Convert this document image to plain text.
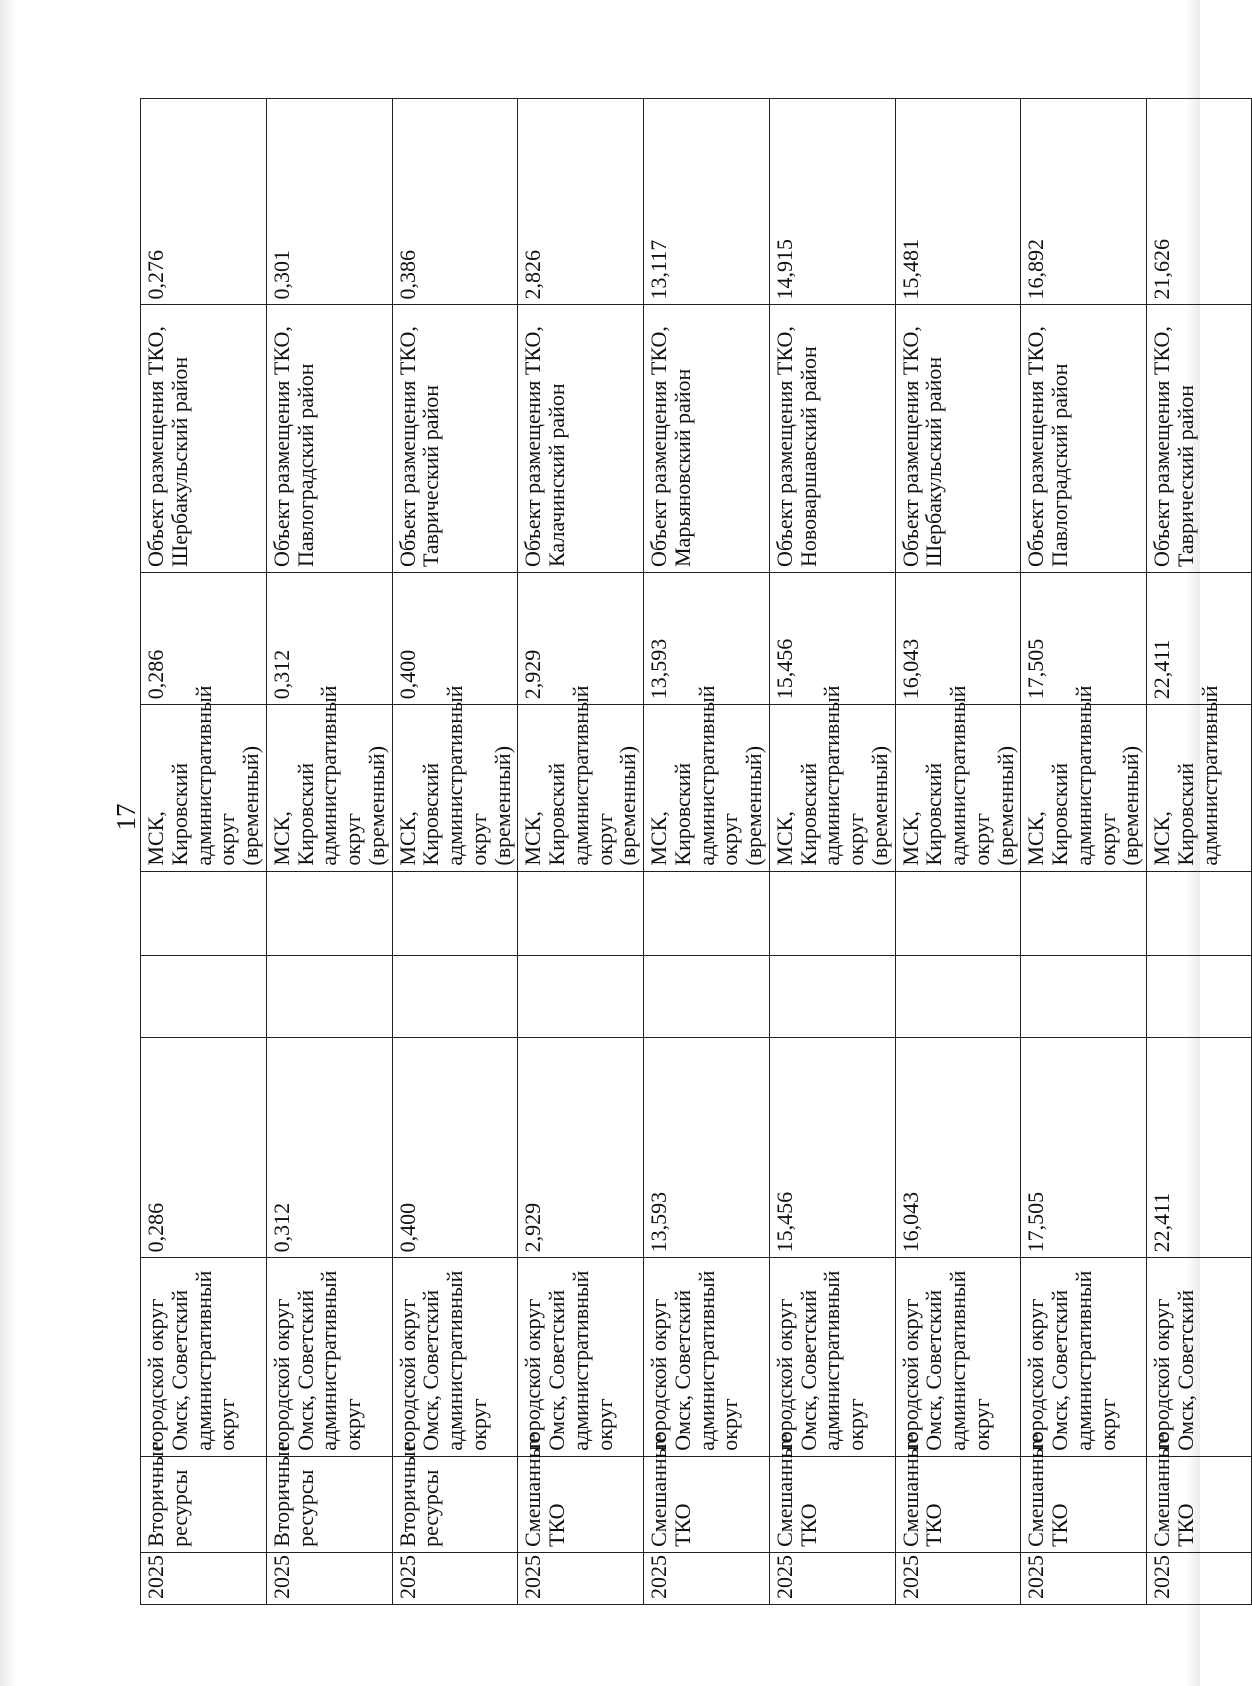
17
2025	Вторичные ресурсы	городской округ Омск, Советский административный округ	0,286			МСК, Кировский административный округ (временный)	0,286	Объект размещения ТКО, Шербакульский район	0,276
2025	Вторичные ресурсы	городской округ Омск, Советский административный округ	0,312			МСК, Кировский административный округ (временный)	0,312	Объект размещения ТКО, Павлоградский район	0,301
2025	Вторичные ресурсы	городской округ Омск, Советский административный округ	0,400			МСК, Кировский административный округ (временный)	0,400	Объект размещения ТКО, Таврический район	0,386
2025	Смешанные ТКО	городской округ Омск, Советский административный округ	2,929			МСК, Кировский административный округ (временный)	2,929	Объект размещения ТКО, Калачинский район	2,826
2025	Смешанные ТКО	городской округ Омск, Советский административный округ	13,593			МСК, Кировский административный округ (временный)	13,593	Объект размещения ТКО, Марьяновский район	13,117
2025	Смешанные ТКО	городской округ Омск, Советский административный округ	15,456			МСК, Кировский административный округ (временный)	15,456	Объект размещения ТКО, Нововаршавский район	14,915
2025	Смешанные ТКО	городской округ Омск, Советский административный округ	16,043			МСК, Кировский административный округ (временный)	16,043	Объект размещения ТКО, Шербакульский район	15,481
2025	Смешанные ТКО	городской округ Омск, Советский административный округ	17,505			МСК, Кировский административный округ (временный)	17,505	Объект размещения ТКО, Павлоградский район	16,892
2025	Смешанные ТКО	городской округ Омск, Советский	22,411			МСК, Кировский административный	22,411	Объект размещения ТКО, Таврический район	21,626
